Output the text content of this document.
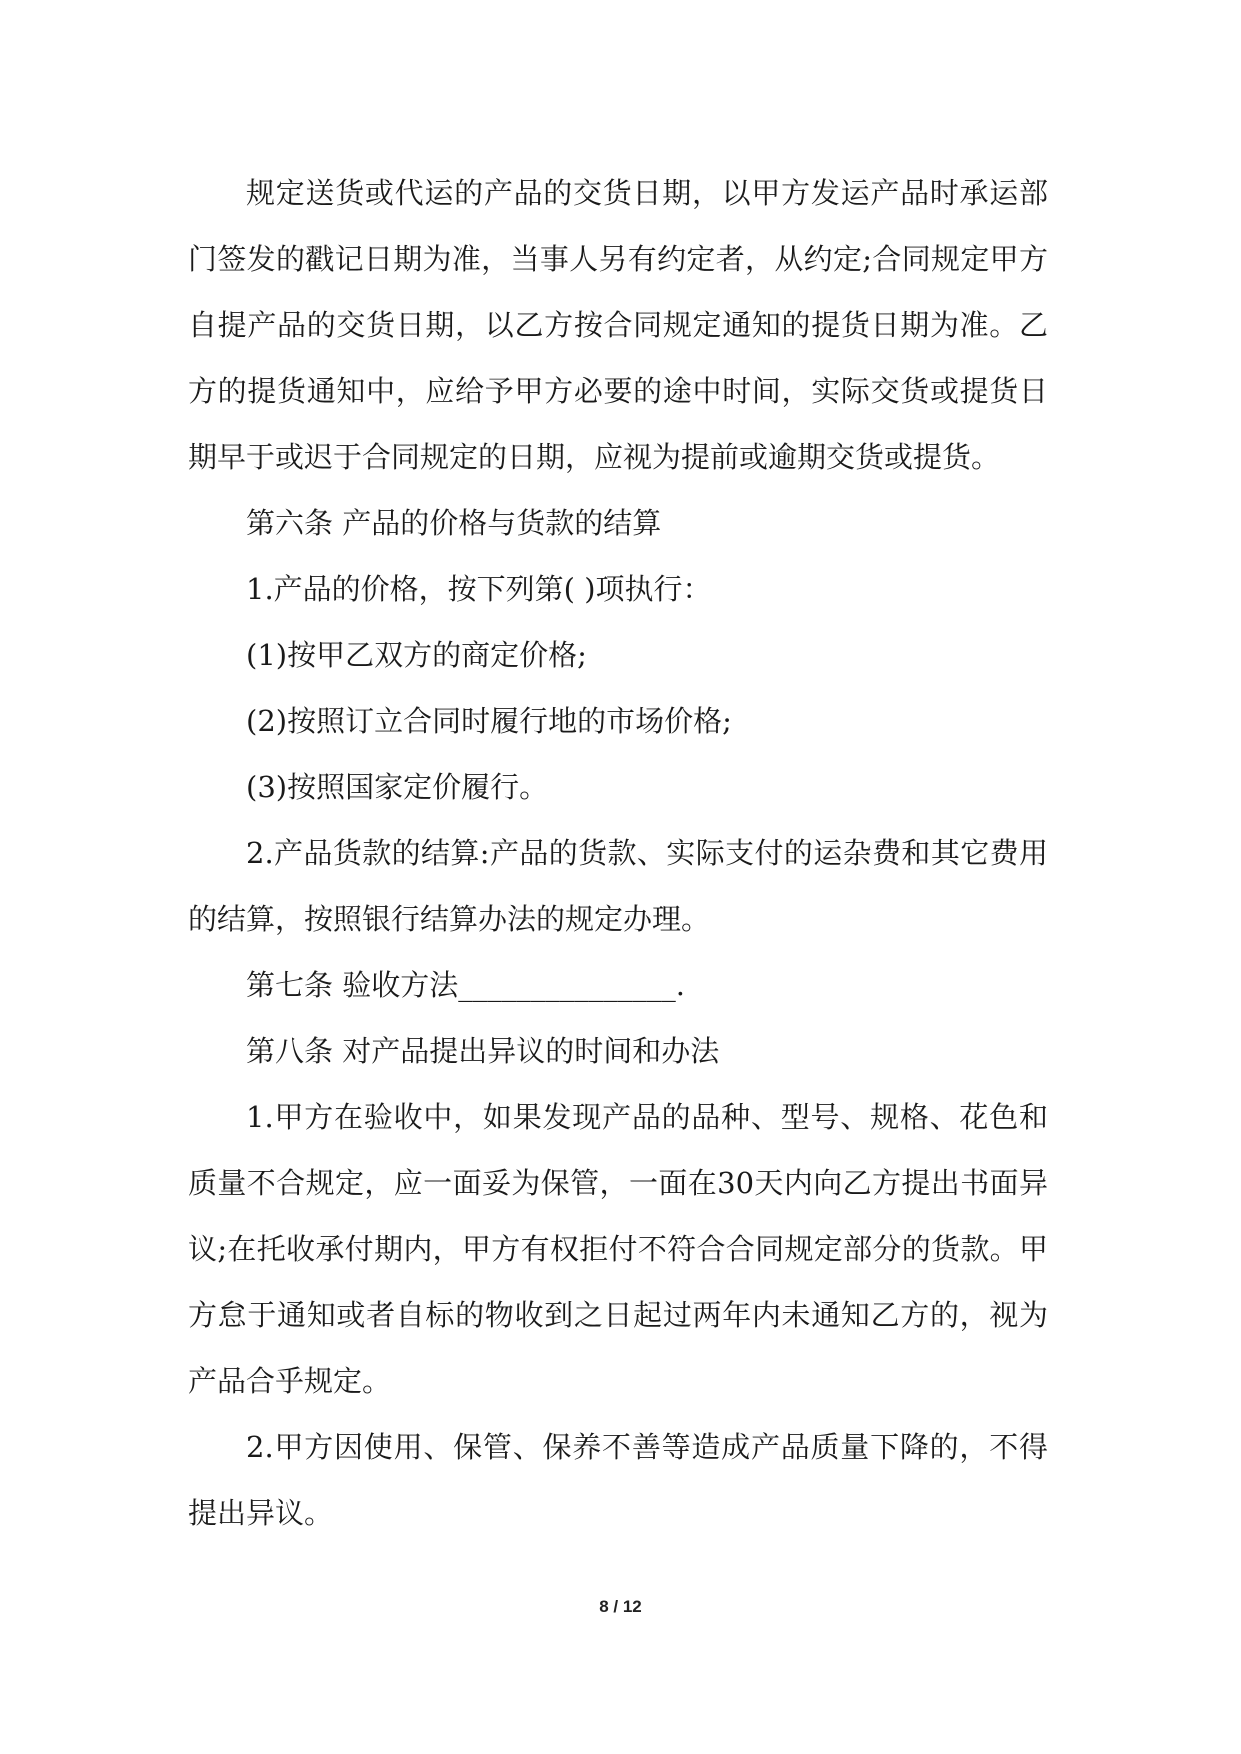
规定送货或代运的产品的交货日期，以甲方发运产品时承运部门签发的戳记日期为准，当事人另有约定者，从约定;合同规定甲方自提产品的交货日期，以乙方按合同规定通知的提货日期为准。乙方的提货通知中，应给予甲方必要的途中时间，实际交货或提货日期早于或迟于合同规定的日期，应视为提前或逾期交货或提货。

第六条 产品的价格与货款的结算

1.产品的价格，按下列第( )项执行：

(1)按甲乙双方的商定价格;

(2)按照订立合同时履行地的市场价格;

(3)按照国家定价履行。

2.产品货款的结算:产品的货款、实际支付的运杂费和其它费用的结算，按照银行结算办法的规定办理。

第七条 验收方法_______________.

第八条 对产品提出异议的时间和办法

1.甲方在验收中，如果发现产品的品种、型号、规格、花色和质量不合规定，应一面妥为保管，一面在30天内向乙方提出书面异议;在托收承付期内，甲方有权拒付不符合合同规定部分的货款。甲方怠于通知或者自标的物收到之日起过两年内未通知乙方的，视为产品合乎规定。

2.甲方因使用、保管、保养不善等造成产品质量下降的，不得提出异议。

8 / 12
